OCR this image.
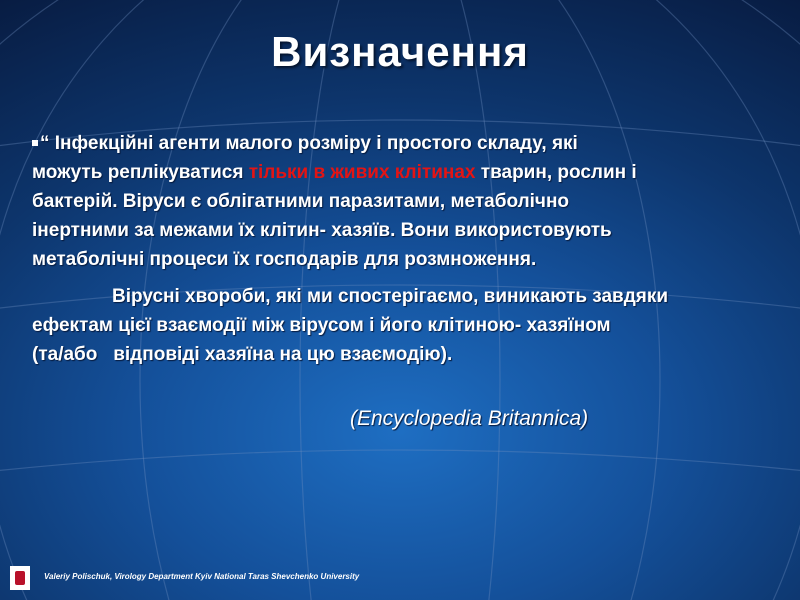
Визначення
“ Інфекційні агенти малого розміру і простого складу, які
можуть реплікуватися тільки в живих клітинах тварин, рослин і
бактерій. Віруси є облігатними паразитами, метаболічно
інертними за межами їх клітин- хазяїв. Вони використовують
метаболічні процеси їх господарів для розмноження.
Вірусні хвороби, які ми спостерігаємо, виникають завдяки
ефектам цієї взаємодії між вірусом і його клітиною- хазяїном
(та/або   відповіді хазяїна на цю взаємодію).
(Encyclopedia Britannica)
Valeriy Polischuk, Virology Department Kyiv National Taras Shevchenko University
